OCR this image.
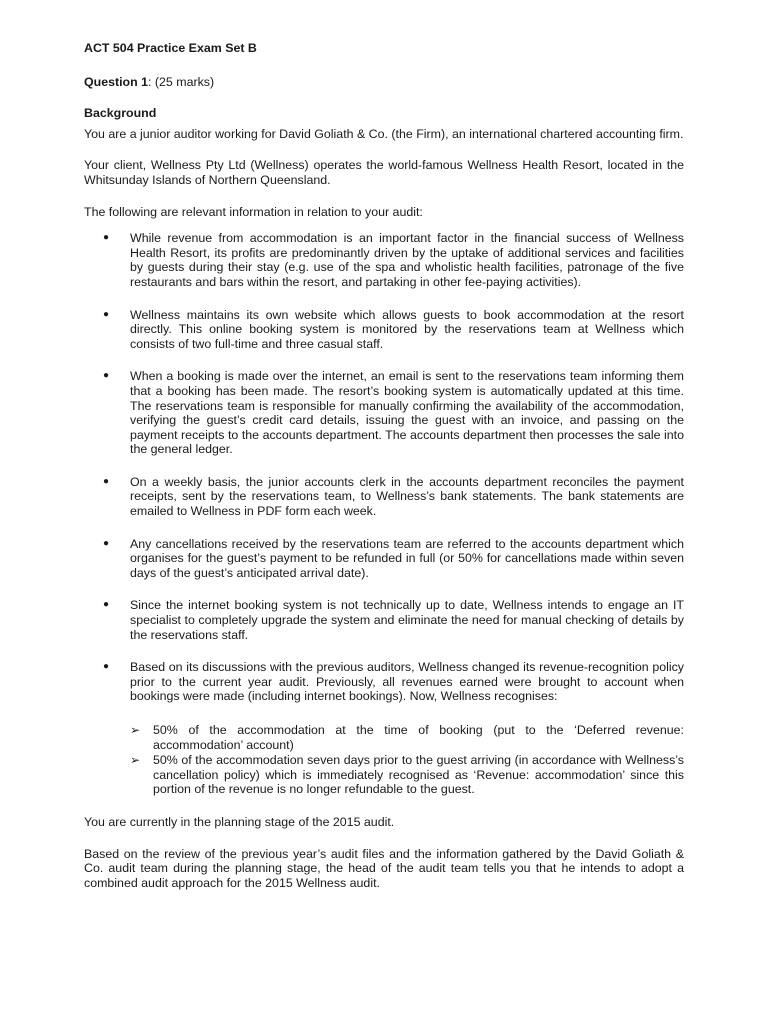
ACT 504 Practice Exam Set B
Question 1: (25 marks)
Background

You are a junior auditor working for David Goliath & Co. (the Firm), an international chartered accounting firm.

Your client, Wellness Pty Ltd (Wellness) operates the world-famous Wellness Health Resort, located in the Whitsunday Islands of Northern Queensland.

The following are relevant information in relation to your audit:

● While revenue from accommodation is an important factor in the financial success of Wellness Health Resort, its profits are predominantly driven by the uptake of additional services and facilities by guests during their stay (e.g. use of the spa and wholistic health facilities, patronage of the five restaurants and bars within the resort, and partaking in other fee-paying activities).
● Wellness maintains its own website which allows guests to book accommodation at the resort directly. This online booking system is monitored by the reservations team at Wellness which consists of two full-time and three casual staff.
● When a booking is made over the internet, an email is sent to the reservations team informing them that a booking has been made. The resort’s booking system is automatically updated at this time. The reservations team is responsible for manually confirming the availability of the accommodation, verifying the guest’s credit card details, issuing the guest with an invoice, and passing on the payment receipts to the accounts department. The accounts department then processes the sale into the general ledger.
● On a weekly basis, the junior accounts clerk in the accounts department reconciles the payment receipts, sent by the reservations team, to Wellness’s bank statements. The bank statements are emailed to Wellness in PDF form each week.
● Any cancellations received by the reservations team are referred to the accounts department which organises for the guest’s payment to be refunded in full (or 50% for cancellations made within seven days of the guest’s anticipated arrival date).
● Since the internet booking system is not technically up to date, Wellness intends to engage an IT specialist to completely upgrade the system and eliminate the need for manual checking of details by the reservations staff.
● Based on its discussions with the previous auditors, Wellness changed its revenue-recognition policy prior to the current year audit. Previously, all revenues earned were brought to account when bookings were made (including internet bookings). Now, Wellness recognises:
➢ 50% of the accommodation at the time of booking (put to the ‘Deferred revenue: accommodation’ account)
➢ 50% of the accommodation seven days prior to the guest arriving (in accordance with Wellness’s cancellation policy) which is immediately recognised as ‘Revenue: accommodation’ since this portion of the revenue is no longer refundable to the guest.

You are currently in the planning stage of the 2015 audit.

Based on the review of the previous year’s audit files and the information gathered by the David Goliath & Co. audit team during the planning stage, the head of the audit team tells you that he intends to adopt a combined audit approach for the 2015 Wellness audit.
